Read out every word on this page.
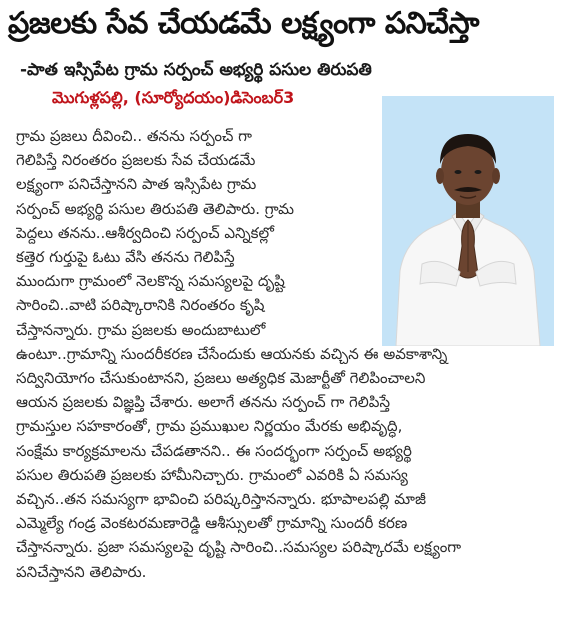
ప్రజలకు సేవ చేయడమే లక్ష్యంగా పనిచేస్తా
-పాత ఇస్సిపేట గ్రామ సర్పంచ్ అభ్యర్థి పసుల తిరుపతి
మొగుళ్లపల్లి, (సూర్యోదయం)డిసెంబర్3
గ్రామ ప్రజలు దీవించి.. తనను సర్పంచ్ గా
గెలిపిస్తే నిరంతరం ప్రజలకు సేవ చేయడమే
లక్ష్యంగా పనిచేస్తానని పాత ఇస్సిపేట గ్రామ
సర్పంచ్ అభ్యర్థి పసుల తిరుపతి తెలిపారు. గ్రామ
పెద్దలు తనను..ఆశీర్వదించి సర్పంచ్ ఎన్నికల్లో
కత్తెర గుర్తుపై ఓటు వేసి తనను గెలిపిస్తే
ముందుగా గ్రామంలో నెలకొన్న సమస్యలపై దృష్టి
సారించి..వాటి పరిష్కారానికి నిరంతరం కృషి
చేస్తానన్నారు. గ్రామ ప్రజలకు అందుబాటులో
ఉంటూ..గ్రామాన్ని సుందరీకరణ చేసేందుకు ఆయనకు వచ్చిన ఈ అవకాశాన్ని
సద్వినియోగం చేసుకుంటానని, ప్రజలు అత్యధిక మెజార్టీతో గెలిపించాలని
ఆయన ప్రజలకు విజ్ఞప్తి చేశారు. అలాగే తనను సర్పంచ్ గా గెలిపిస్తే
గ్రామస్తుల సహకారంతో, గ్రామ ప్రముఖుల నిర్ణయం మేరకు అభివృద్ధి,
సంక్షేమ కార్యక్రమాలను చేపడతానని.. ఈ సందర్భంగా సర్పంచ్ అభ్యర్థి
పసుల తిరుపతి ప్రజలకు హామీనిచ్చారు. గ్రామంలో ఎవరికి ఏ సమస్య
వచ్చిన..తన సమస్యగా భావించి పరిష్కరిస్తానన్నారు. భూపాలపల్లి మాజీ
ఎమ్మెల్యే గండ్ర వెంకటరమణారెడ్డి ఆశీస్సులతో గ్రామాన్ని సుందరీ కరణ
చేస్తానన్నారు. ప్రజా సమస్యలపై దృష్టి సారించి..సమస్యల పరిష్కారమే లక్ష్యంగా
పనిచేస్తానని తెలిపారు.
